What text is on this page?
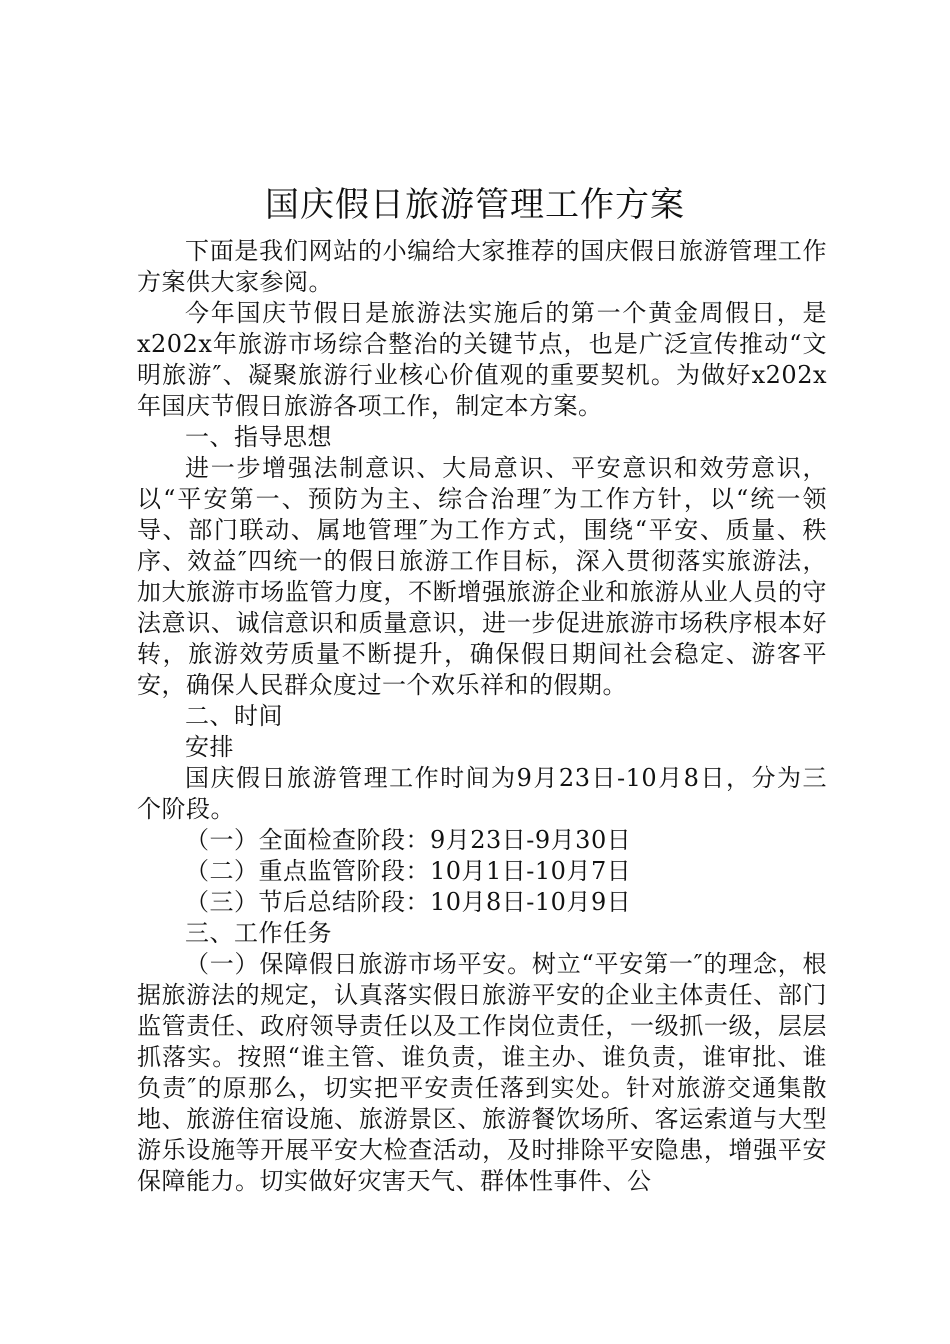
国庆假日旅游管理工作方案

下面是我们网站的小编给大家推荐的国庆假日旅游管理工作方案供大家参阅。

今年国庆节假日是旅游法实施后的第一个黄金周假日，是x202x年旅游市场综合整治的关键节点，也是广泛宣传推动“文明旅游″、凝聚旅游行业核心价值观的重要契机。为做好x202x年国庆节假日旅游各项工作，制定本方案。

一、指导思想

进一步增强法制意识、大局意识、平安意识和效劳意识，以“平安第一、预防为主、综合治理″为工作方针，以“统一领导、部门联动、属地管理″为工作方式，围绕“平安、质量、秩序、效益″四统一的假日旅游工作目标，深入贯彻落实旅游法，加大旅游市场监管力度，不断增强旅游企业和旅游从业人员的守法意识、诚信意识和质量意识，进一步促进旅游市场秩序根本好转，旅游效劳质量不断提升，确保假日期间社会稳定、游客平安，确保人民群众度过一个欢乐祥和的假期。

二、时间

安排

国庆假日旅游管理工作时间为9月23日-10月8日，分为三个阶段。

（一）全面检查阶段：9月23日-9月30日

（二）重点监管阶段：10月1日-10月7日

（三）节后总结阶段：10月8日-10月9日

三、工作任务

（一）保障假日旅游市场平安。树立“平安第一″的理念，根据旅游法的规定，认真落实假日旅游平安的企业主体责任、部门监管责任、政府领导责任以及工作岗位责任，一级抓一级，层层抓落实。按照“谁主管、谁负责，谁主办、谁负责，谁审批、谁负责″的原那么，切实把平安责任落到实处。针对旅游交通集散地、旅游住宿设施、旅游景区、旅游餐饮场所、客运索道与大型游乐设施等开展平安大检查活动，及时排除平安隐患，增强平安保障能力。切实做好灾害天气、群体性事件、公
